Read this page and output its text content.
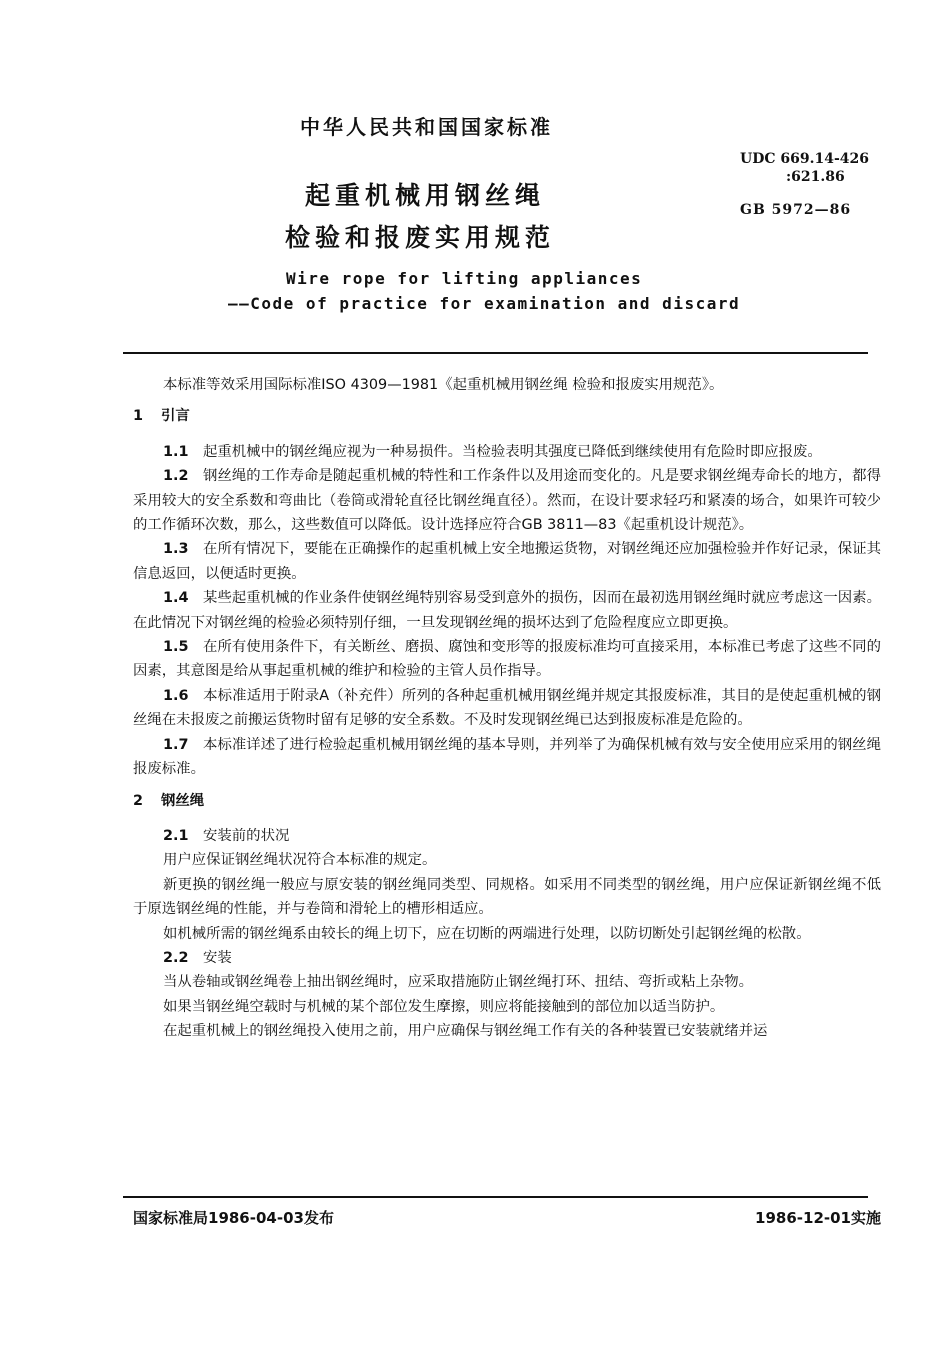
中华人民共和国国家标准
UDC 669.14-426
:621.86
GB 5972—86
起重机械用钢丝绳
检验和报废实用规范
Wire rope for lifting appliances
——Code of practice for examination and discard

本标准等效采用国际标准ISO 4309—1981《起重机械用钢丝绳 检验和报废实用规范》。

1 引言

1.1 起重机械中的钢丝绳应视为一种易损件。当检验表明其强度已降低到继续使用有危险时即应报废。

1.2 钢丝绳的工作寿命是随起重机械的特性和工作条件以及用途而变化的。凡是要求钢丝绳寿命长的地方，都得采用较大的安全系数和弯曲比（卷筒或滑轮直径比钢丝绳直径）。然而，在设计要求轻巧和紧凑的场合，如果许可较少的工作循环次数，那么，这些数值可以降低。设计选择应符合GB 3811—83《起重机设计规范》。

1.3 在所有情况下，要能在正确操作的起重机械上安全地搬运货物，对钢丝绳还应加强检验并作好记录，保证其信息返回，以便适时更换。

1.4 某些起重机械的作业条件使钢丝绳特别容易受到意外的损伤，因而在最初选用钢丝绳时就应考虑这一因素。在此情况下对钢丝绳的检验必须特别仔细，一旦发现钢丝绳的损坏达到了危险程度应立即更换。

1.5 在所有使用条件下，有关断丝、磨损、腐蚀和变形等的报废标准均可直接采用，本标准已考虑了这些不同的因素，其意图是给从事起重机械的维护和检验的主管人员作指导。

1.6 本标准适用于附录A（补充件）所列的各种起重机械用钢丝绳并规定其报废标准，其目的是使起重机械的钢丝绳在未报废之前搬运货物时留有足够的安全系数。不及时发现钢丝绳已达到报废标准是危险的。

1.7 本标准详述了进行检验起重机械用钢丝绳的基本导则，并列举了为确保机械有效与安全使用应采用的钢丝绳报废标准。

2 钢丝绳

2.1 安装前的状况

用户应保证钢丝绳状况符合本标准的规定。

新更换的钢丝绳一般应与原安装的钢丝绳同类型、同规格。如采用不同类型的钢丝绳，用户应保证新钢丝绳不低于原选钢丝绳的性能，并与卷筒和滑轮上的槽形相适应。

如机械所需的钢丝绳系由较长的绳上切下，应在切断的两端进行处理，以防切断处引起钢丝绳的松散。

2.2 安装

当从卷轴或钢丝绳卷上抽出钢丝绳时，应采取措施防止钢丝绳打环、扭结、弯折或粘上杂物。

如果当钢丝绳空载时与机械的某个部位发生摩擦，则应将能接触到的部位加以适当防护。

在起重机械上的钢丝绳投入使用之前，用户应确保与钢丝绳工作有关的各种装置已安装就绪并运

国家标准局1986-04-03发布	1986-12-01实施
